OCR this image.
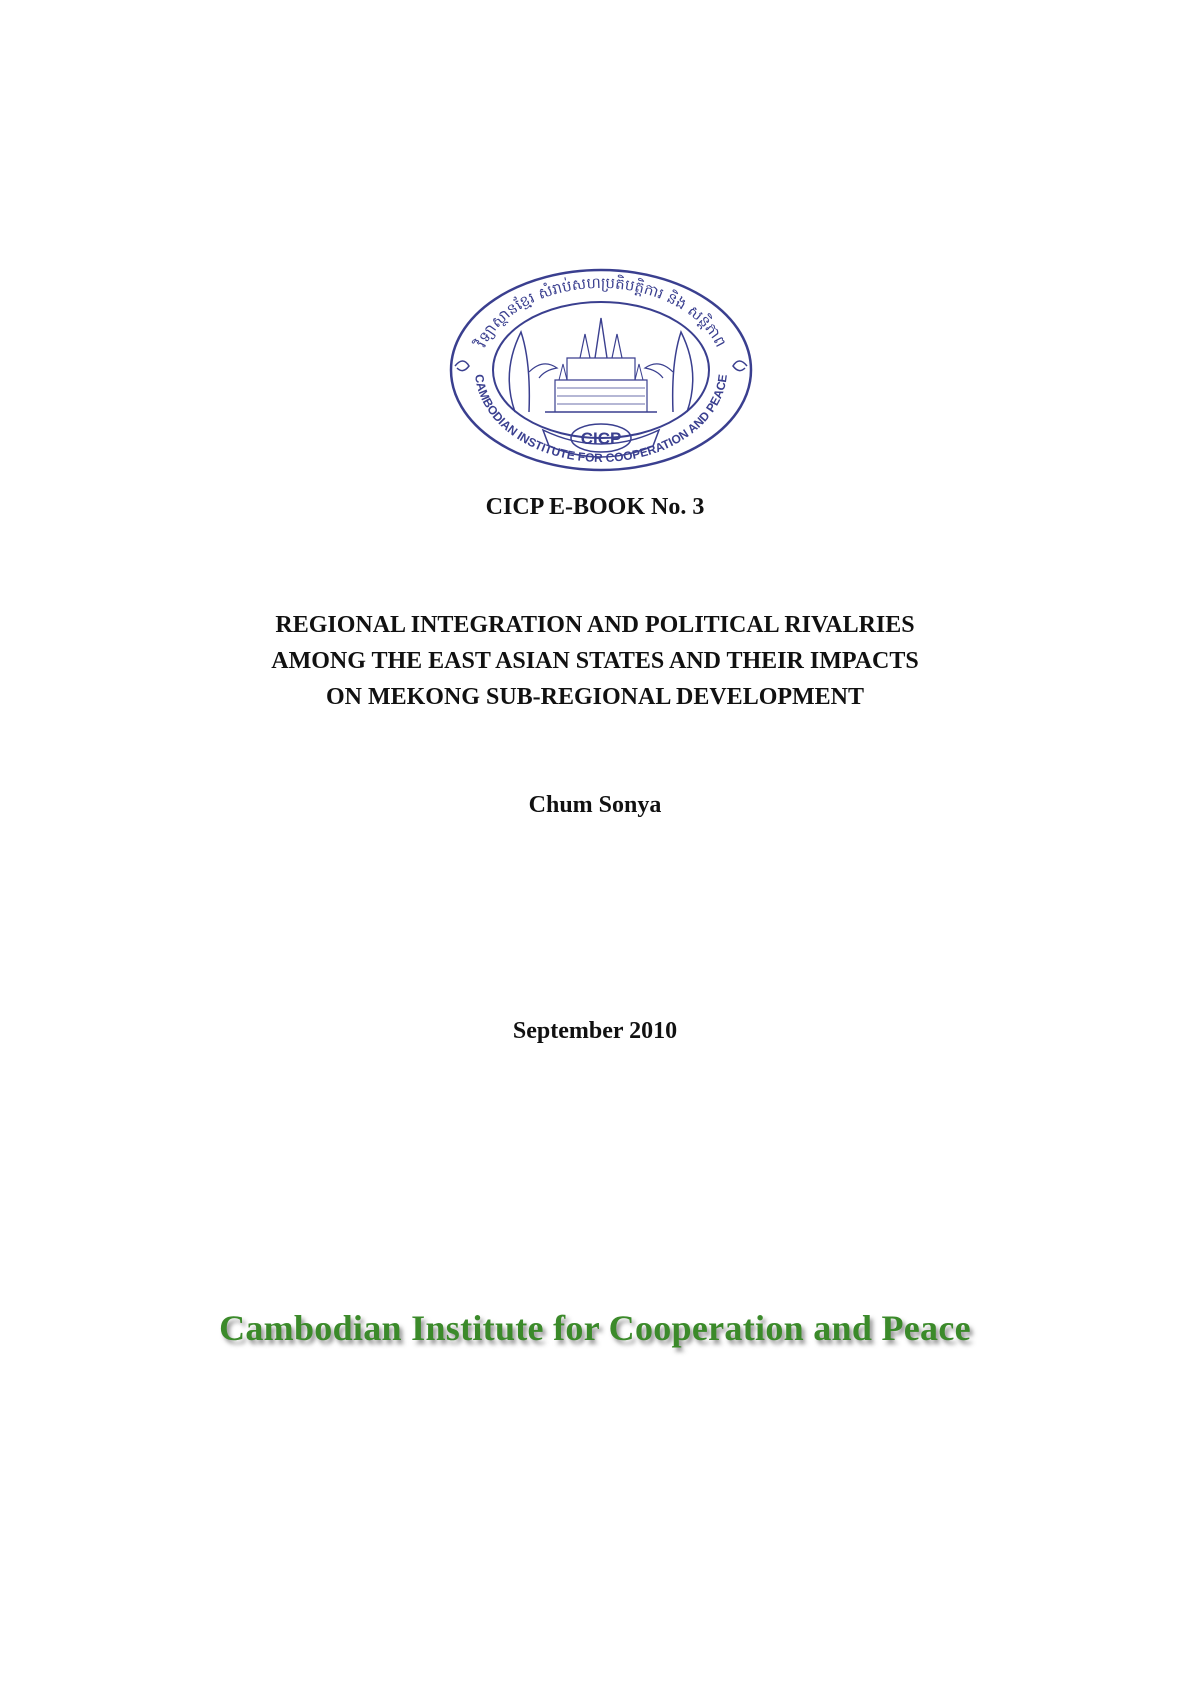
វិទ្យាស្ថានខ្មែរ សំរាប់សហប្រតិបត្តិការ និង សន្តិភាព
CAMBODIAN INSTITUTE FOR COOPERATION AND PEACE
CICP
CICP E-BOOK No. 3
REGIONAL INTEGRATION AND POLITICAL RIVALRIES
AMONG THE EAST ASIAN STATES AND THEIR IMPACTS
ON MEKONG SUB-REGIONAL DEVELOPMENT
Chum Sonya
September 2010
Cambodian Institute for Cooperation and Peace
